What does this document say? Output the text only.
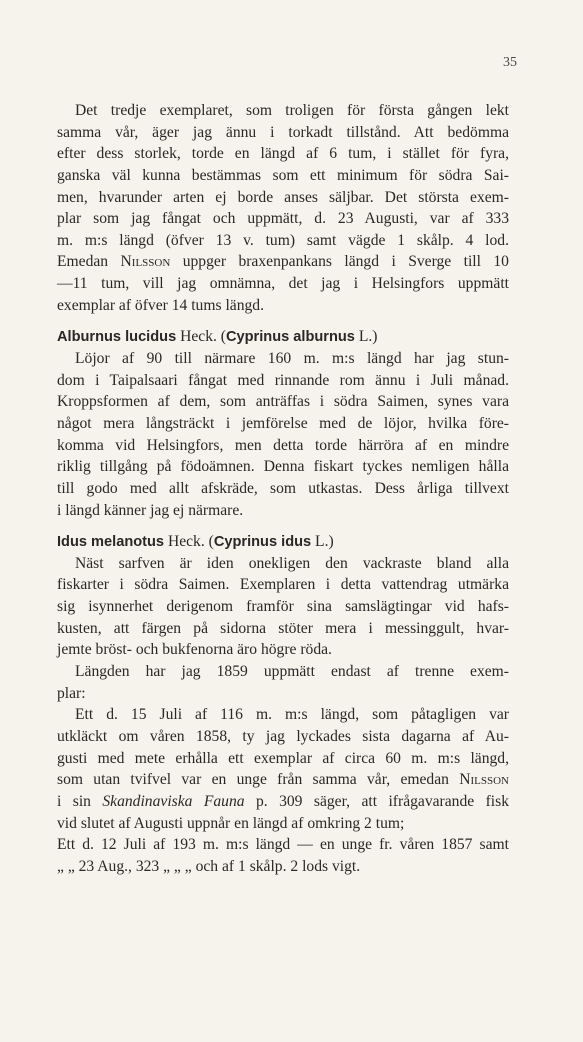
35
Det tredje exemplaret, som troligen för första gången lekt
samma vår, äger jag ännu i torkadt tillstånd. Att bedömma
efter dess storlek, torde en längd af 6 tum, i stället för fyra,
ganska väl kunna bestämmas som ett minimum för södra Sai-
men, hvarunder arten ej borde anses säljbar. Det största exem-
plar som jag fångat och uppmätt, d. 23 Augusti, var af 333
m. m:s längd (öfver 13 v. tum) samt vägde 1 skålp. 4 lod.
Emedan Nilsson uppger braxenpankans längd i Sverge till 10
—11 tum, vill jag omnämna, det jag i Helsingfors uppmätt
exemplar af öfver 14 tums längd.
Alburnus lucidus Heck. (Cyprinus alburnus L.)
Löjor af 90 till närmare 160 m. m:s längd har jag stun-
dom i Taipalsaari fångat med rinnande rom ännu i Juli månad.
Kroppsformen af dem, som anträffas i södra Saimen, synes vara
något mera långsträckt i jemförelse med de löjor, hvilka före-
komma vid Helsingfors, men detta torde härröra af en mindre
riklig tillgång på födoämnen. Denna fiskart tyckes nemligen hålla
till godo med allt afskräde, som utkastas. Dess årliga tillvext
i längd känner jag ej närmare.
Idus melanotus Heck. (Cyprinus idus L.)
Näst sarfven är iden onekligen den vackraste bland alla
fiskarter i södra Saimen. Exemplaren i detta vattendrag utmärka
sig isynnerhet derigenom framför sina samslägtingar vid hafs-
kusten, att färgen på sidorna stöter mera i messinggult, hvar-
jemte bröst- och bukfenorna äro högre röda.
Längden har jag 1859 uppmätt endast af trenne exem-
plar:
Ett d. 15 Juli af 116 m. m:s längd, som påtagligen var
utkläckt om våren 1858, ty jag lyckades sista dagarna af Au-
gusti med mete erhålla ett exemplar af circa 60 m. m:s längd,
som utan tvifvel var en unge från samma vår, emedan Nilsson
i sin Skandinaviska Fauna p. 309 säger, att ifrågavarande fisk
vid slutet af Augusti uppnår en längd af omkring 2 tum;
Ett d. 12 Juli af 193 m. m:s längd — en unge fr. våren 1857 samt
„ „ 23 Aug., 323 „ „ „ och af 1 skålp. 2 lods vigt.
